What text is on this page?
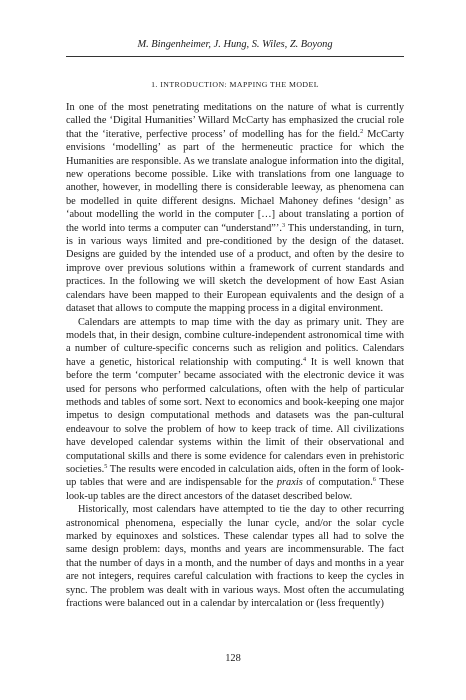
M. Bingenheimer, J. Hung, S. Wiles, Z. Boyong
1. INTRODUCTION: MAPPING THE MODEL

In one of the most penetrating meditations on the nature of what is currently called the ‘Digital Humanities’ Willard McCarty has emphasized the crucial role that the ‘iterative, perfective process’ of modelling has for the field.$^2$ McCarty envisions ‘modelling’ as part of the hermeneutic practice for which the Humanities are responsible. As we translate analogue information into the digital, new operations become possible. Like with translations from one language to another, however, in modelling there is considerable leeway, as phenomena can be modelled in quite different designs. Michael Mahoney defines ‘design’ as ‘about modelling the world in the computer […] about translating a portion of the world into terms a computer can “understand”’.$^3$ This understanding, in turn, is in various ways limited and pre-conditioned by the design of the dataset. Designs are guided by the intended use of a product, and often by the desire to improve over previous solutions within a framework of current standards and practices. In the following we will sketch the development of how East Asian calendars have been mapped to their European equivalents and the design of a dataset that allows to compute the mapping process in a digital environment.

Calendars are attempts to map time with the day as primary unit. They are models that, in their design, combine culture-independent astronomical time with a number of culture-specific concerns such as religion and politics. Calendars have a genetic, historical relationship with computing.$^4$ It is well known that before the term ‘computer’ became associated with the electronic device it was used for persons who performed calculations, often with the help of particular methods and tables of some sort. Next to economics and book-keeping one major impetus to design computational methods and datasets was the pan-cultural endeavour to solve the problem of how to keep track of time. All civilizations have developed calendar systems within the limit of their observational and computational skills and there is some evidence for calendars even in prehistoric societies.$^5$ The results were encoded in calculation aids, often in the form of look-up tables that were and are indispensable for the praxis of computation.$^6$ These look-up tables are the direct ancestors of the dataset described below.

Historically, most calendars have attempted to tie the day to other recurring astronomical phenomena, especially the lunar cycle, and/or the solar cycle marked by equinoxes and solstices. These calendar types all had to solve the same design problem: days, months and years are incommensurable. The fact that the number of days in a month, and the number of days and months in a year are not integers, requires careful calculation with fractions to keep the cycles in sync. The problem was dealt with in various ways. Most often the accumulating fractions were balanced out in a calendar by intercalation or (less frequently)

128
